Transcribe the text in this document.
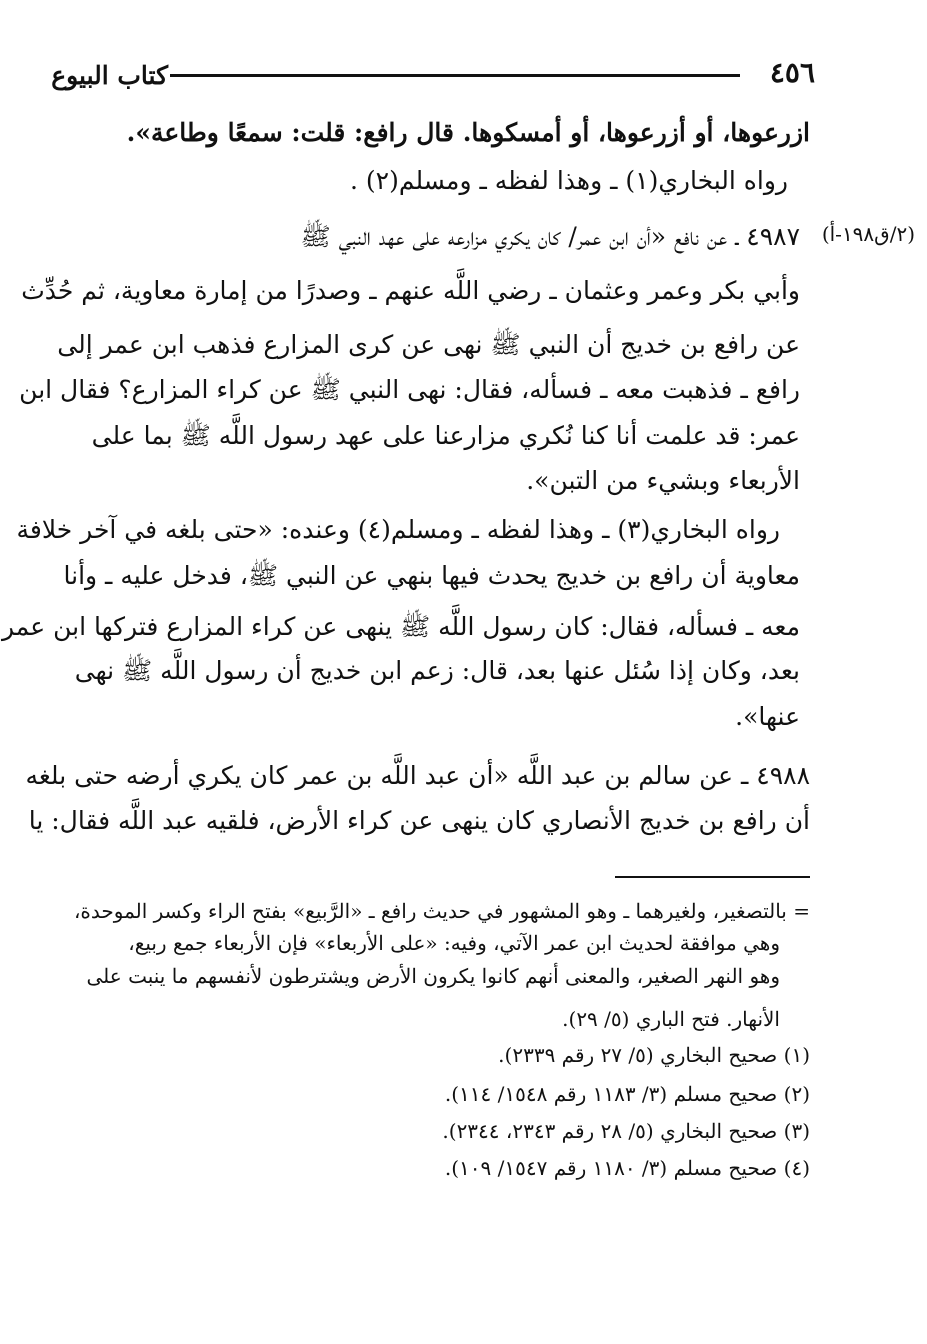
٤٥٦
كتاب البيوع
ازرعوها، أو أزرعوها، أو أمسكوها. قال رافع: قلت: سمعًا وطاعة».
رواه البخاري(١) ـ وهذا لفظه ـ ومسلم(٢) .
(٢/ق١٩٨-أ)
٤٩٨٧ ـ عن نافع «أن ابن عمر/ كان يكري مزارعه على عهد النبي ﷺ
وأبي بكر وعمر وعثمان ـ رضي اللَّه عنهم ـ وصدرًا من إمارة معاوية، ثم حُدِّث
عن رافع بن خديج أن النبي ﷺ نهى عن كرى المزارع فذهب ابن عمر إلى
رافع ـ فذهبت معه ـ فسأله، فقال: نهى النبي ﷺ عن كراء المزارع؟ فقال ابن
عمر: قد علمت أنا كنا نُكري مزارعنا على عهد رسول اللَّه ﷺ بما على
الأربعاء وبشيء من التبن».
رواه البخاري(٣) ـ وهذا لفظه ـ ومسلم(٤) وعنده: «حتى بلغه في آخر خلافة
معاوية أن رافع بن خديج يحدث فيها بنهي عن النبي ﷺ، فدخل عليه ـ وأنا
معه ـ فسأله، فقال: كان رسول اللَّه ﷺ ينهى عن كراء المزارع فتركها ابن عمر
بعد، وكان إذا سُئل عنها بعد، قال: زعم ابن خديج أن رسول اللَّه ﷺ نهى
عنها».
٤٩٨٨ ـ عن سالم بن عبد اللَّه «أن عبد اللَّه بن عمر كان يكري أرضه حتى بلغه
أن رافع بن خديج الأنصاري كان ينهى عن كراء الأرض، فلقيه عبد اللَّه فقال: يا
= بالتصغير، ولغيرهما ـ وهو المشهور في حديث رافع ـ «الرَّبيع» بفتح الراء وكسر الموحدة،
وهي موافقة لحديث ابن عمر الآتي، وفيه: «على الأربعاء» فإن الأربعاء جمع ربيع،
وهو النهر الصغير، والمعنى أنهم كانوا يكرون الأرض ويشترطون لأنفسهم ما ينبت على
الأنهار. فتح الباري (٥/ ٢٩).
(١) صحيح البخاري (٥/ ٢٧ رقم ٢٣٣٩).
(٢) صحيح مسلم (٣/ ١١٨٣ رقم ١٥٤٨/ ١١٤).
(٣) صحيح البخاري (٥/ ٢٨ رقم ٢٣٤٣، ٢٣٤٤).
(٤) صحيح مسلم (٣/ ١١٨٠ رقم ١٥٤٧/ ١٠٩).
